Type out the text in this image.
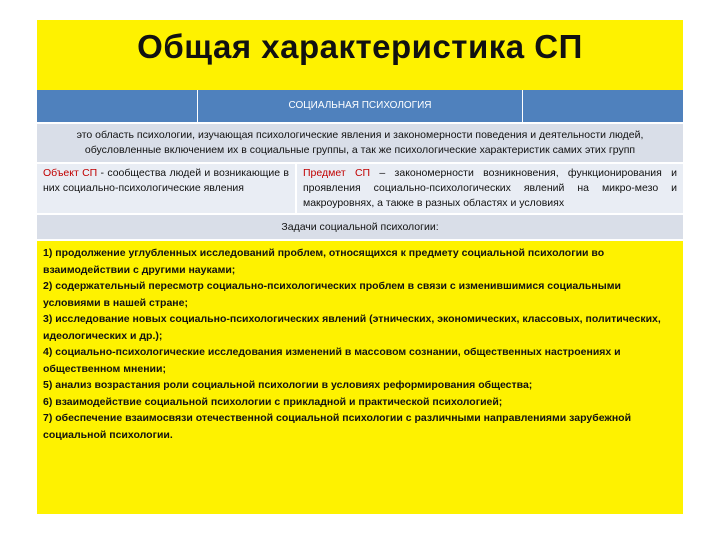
Общая характеристика СП
СОЦИАЛЬНАЯ ПСИХОЛОГИЯ
это область психологии, изучающая психологические явления и закономерности поведения и деятельности людей, обусловленные включением их в социальные группы, а так же психологические характеристик самих этих групп
Объект СП - сообщества людей и возникающие в них социально-психологические явления
Предмет СП – закономерности возникновения, функционирования и проявления социально-психологических явлений на микро-мезо и макроуровнях, а также в разных областях и условиях
Задачи социальной психологии:
1) продолжение углубленных исследований проблем, относящихся к предмету социальной психологии во взаимодействии с другими науками;
2) содержательный пересмотр социально-психологических проблем в связи с изменившимися социальными условиями в нашей стране;
3) исследование новых социально-психологических явлений (этнических, экономических, классовых, политических, идеологических и др.);
4) социально-психологические исследования изменений в массовом сознании, общественных настроениях и общественном мнении;
5) анализ возрастания роли социальной психологии в условиях реформирования общества;
6) взаимодействие социальной психологии с прикладной и практической психологией;
7) обеспечение взаимосвязи отечественной социальной психологии с различными направлениями зарубежной социальной психологии.
